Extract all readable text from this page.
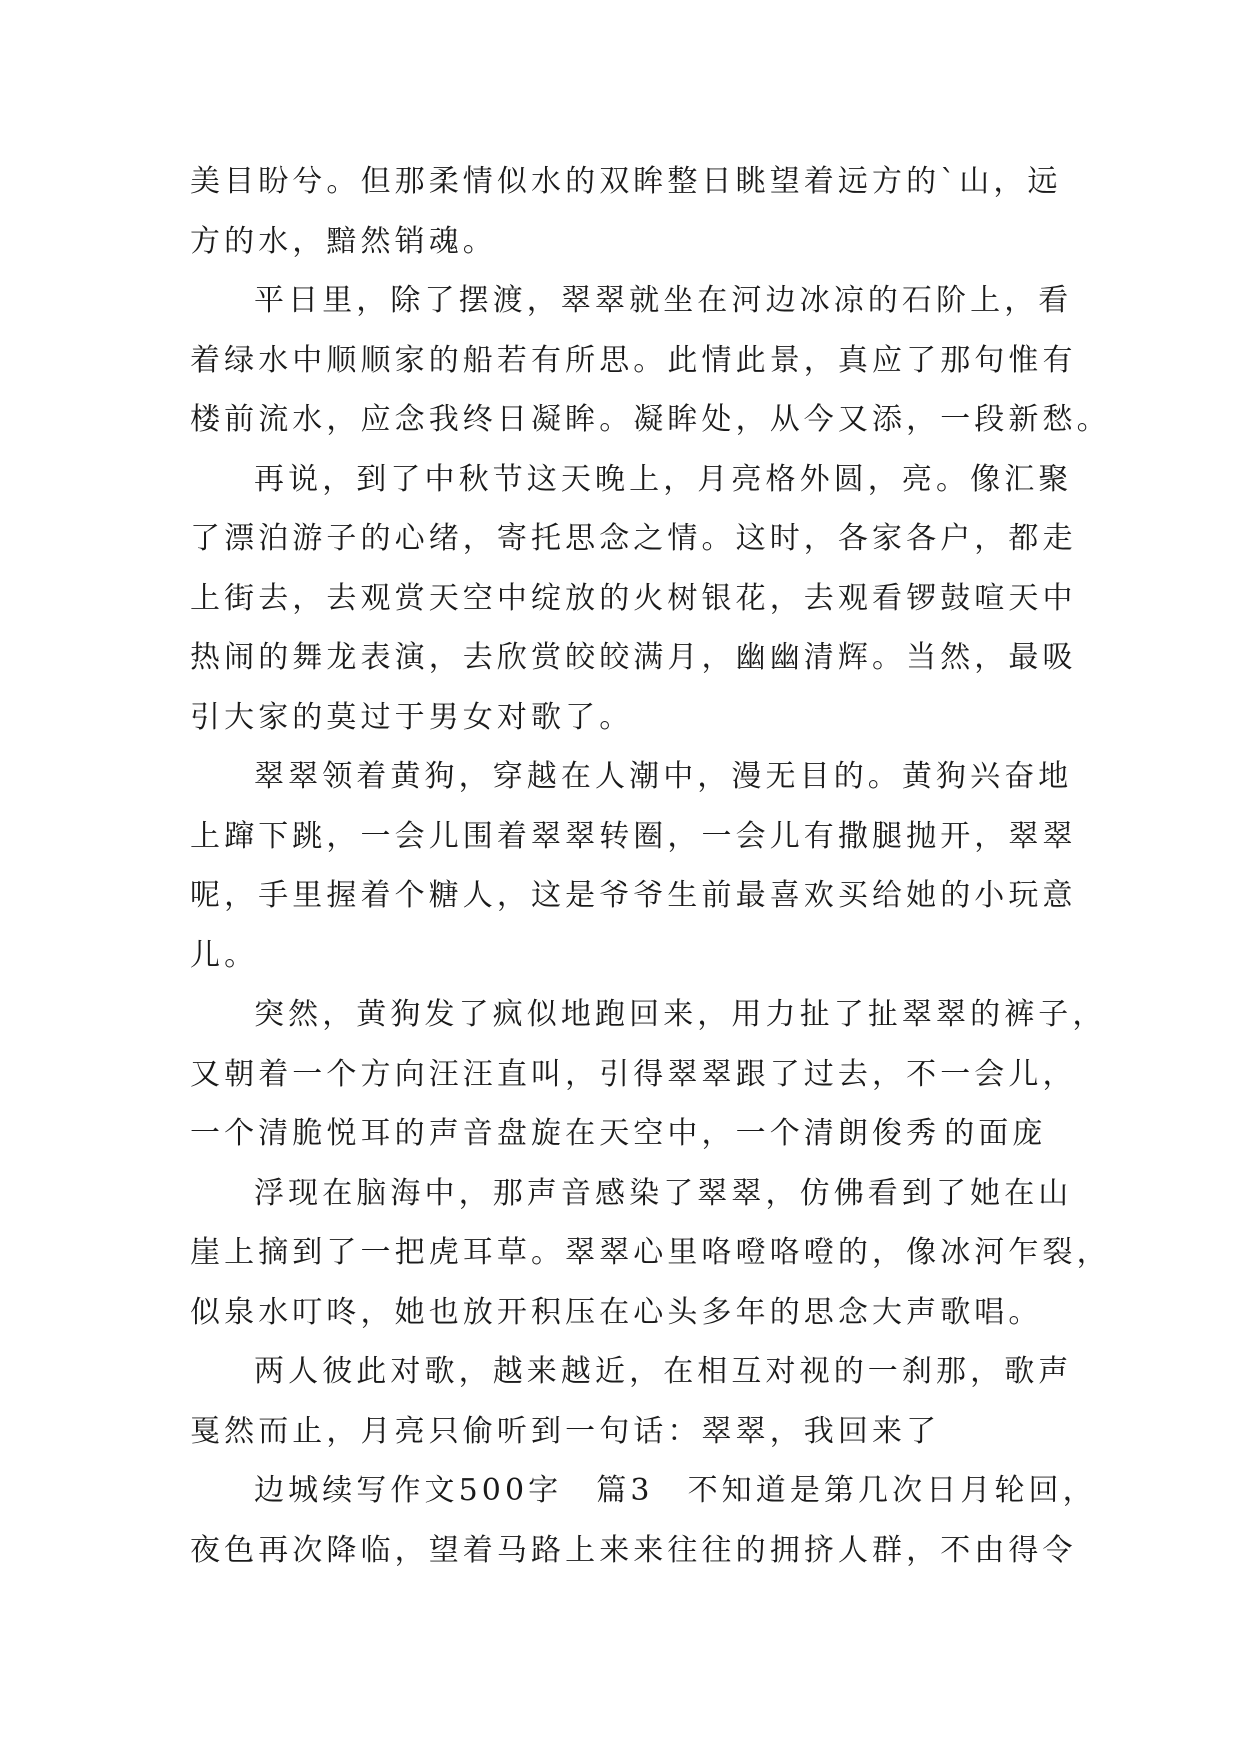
美目盼兮。但那柔情似水的双眸整日眺望着远方的`山，远
方的水，黯然销魂。
平日里，除了摆渡，翠翠就坐在河边冰凉的石阶上，看
着绿水中顺顺家的船若有所思。此情此景，真应了那句惟有
楼前流水，应念我终日凝眸。凝眸处，从今又添，一段新愁。
再说，到了中秋节这天晚上，月亮格外圆，亮。像汇聚
了漂泊游子的心绪，寄托思念之情。这时，各家各户，都走
上街去，去观赏天空中绽放的火树银花，去观看锣鼓喧天中
热闹的舞龙表演，去欣赏皎皎满月，幽幽清辉。当然，最吸
引大家的莫过于男女对歌了。
翠翠领着黄狗，穿越在人潮中，漫无目的。黄狗兴奋地
上蹿下跳，一会儿围着翠翠转圈，一会儿有撒腿抛开，翠翠
呢，手里握着个糖人，这是爷爷生前最喜欢买给她的小玩意
儿。
突然，黄狗发了疯似地跑回来，用力扯了扯翠翠的裤子，
又朝着一个方向汪汪直叫，引得翠翠跟了过去，不一会儿，
一个清脆悦耳的声音盘旋在天空中，一个清朗俊秀 的面庞
浮现在脑海中，那声音感染了翠翠，仿佛看到了她在山
崖上摘到了一把虎耳草。翠翠心里咯噔咯噔的，像冰河乍裂，
似泉水叮咚，她也放开积压在心头多年的思念大声歌唱。
两人彼此对歌，越来越近，在相互对视的一刹那，歌声
戛然而止，月亮只偷听到一句话：翠翠，我回来了
边城续写作文500字 篇3 不知道是第几次日月轮回，
夜色再次降临，望着马路上来来往往的拥挤人群，不由得令
